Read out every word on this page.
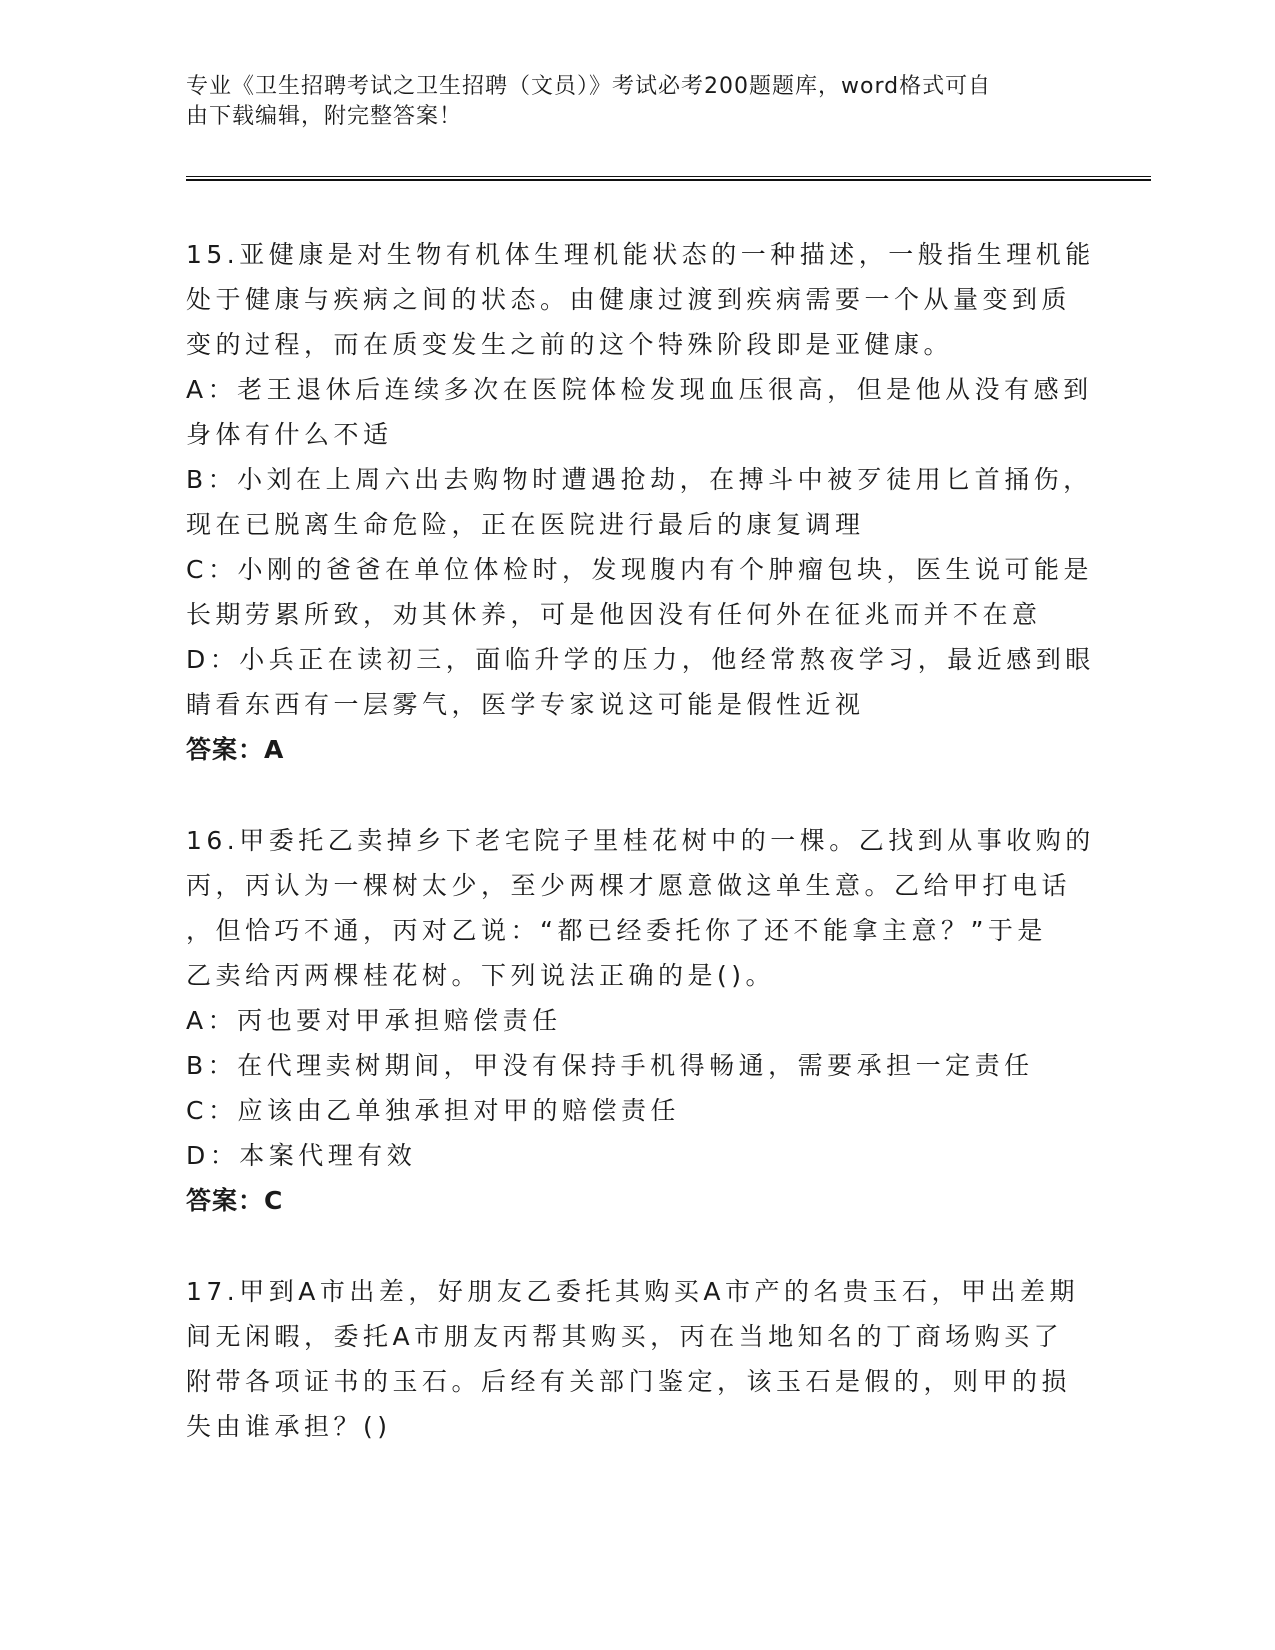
专业《卫生招聘考试之卫生招聘（文员）》考试必考200题题库，word格式可自
由下载编辑，附完整答案！
15.亚健康是对生物有机体生理机能状态的一种描述，一般指生理机能
处于健康与疾病之间的状态。由健康过渡到疾病需要一个从量变到质
变的过程，而在质变发生之前的这个特殊阶段即是亚健康。
A：老王退休后连续多次在医院体检发现血压很高，但是他从没有感到
身体有什么不适
B：小刘在上周六出去购物时遭遇抢劫，在搏斗中被歹徒用匕首捅伤，
现在已脱离生命危险，正在医院进行最后的康复调理
C：小刚的爸爸在单位体检时，发现腹内有个肿瘤包块，医生说可能是
长期劳累所致，劝其休养，可是他因没有任何外在征兆而并不在意
D：小兵正在读初三，面临升学的压力，他经常熬夜学习，最近感到眼
睛看东西有一层雾气，医学专家说这可能是假性近视
答案：A
16.甲委托乙卖掉乡下老宅院子里桂花树中的一棵。乙找到从事收购的
丙，丙认为一棵树太少，至少两棵才愿意做这单生意。乙给甲打电话
，但恰巧不通，丙对乙说：“都已经委托你了还不能拿主意？”于是
乙卖给丙两棵桂花树。下列说法正确的是()。
A：丙也要对甲承担赔偿责任
B：在代理卖树期间，甲没有保持手机得畅通，需要承担一定责任
C：应该由乙单独承担对甲的赔偿责任
D：本案代理有效
答案：C
17.甲到A市出差，好朋友乙委托其购买A市产的名贵玉石，甲出差期
间无闲暇，委托A市朋友丙帮其购买，丙在当地知名的丁商场购买了
附带各项证书的玉石。后经有关部门鉴定，该玉石是假的，则甲的损
失由谁承担？()
